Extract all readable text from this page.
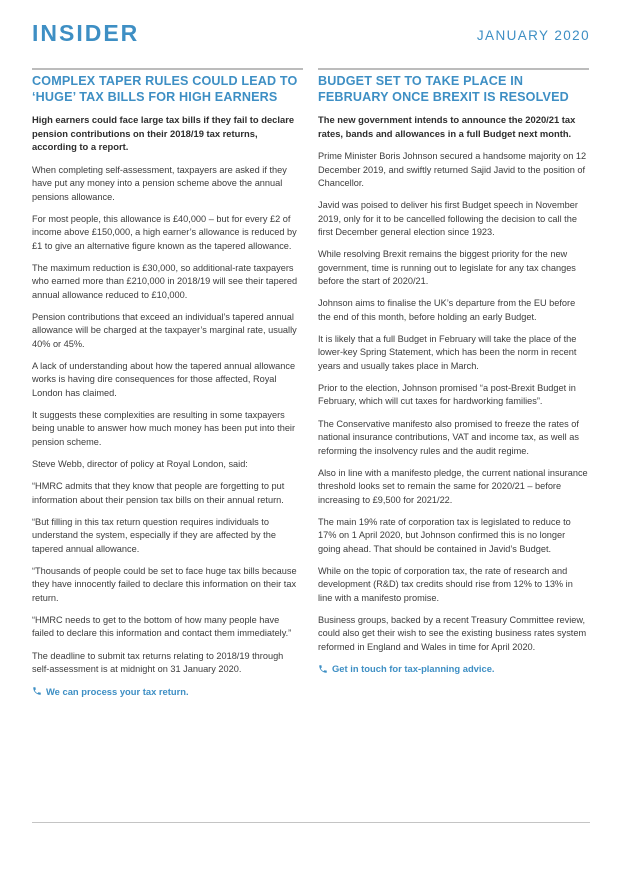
INSIDER	JANUARY 2020
COMPLEX TAPER RULES COULD LEAD TO ‘HUGE’ TAX BILLS FOR HIGH EARNERS

High earners could face large tax bills if they fail to declare pension contributions on their 2018/19 tax returns, according to a report.

When completing self-assessment, taxpayers are asked if they have put any money into a pension scheme above the annual pensions allowance.

For most people, this allowance is £40,000 – but for every £2 of income above £150,000, a high earner’s allowance is reduced by £1 to give an alternative figure known as the tapered allowance.

The maximum reduction is £30,000, so additional-rate taxpayers who earned more than £210,000 in 2018/19 will see their tapered annual allowance reduced to £10,000.

Pension contributions that exceed an individual’s tapered annual allowance will be charged at the taxpayer’s marginal rate, usually 40% or 45%.

A lack of understanding about how the tapered annual allowance works is having dire consequences for those affected, Royal London has claimed.

It suggests these complexities are resulting in some taxpayers being unable to answer how much money has been put into their pension scheme.

Steve Webb, director of policy at Royal London, said:

“HMRC admits that they know that people are forgetting to put information about their pension tax bills on their annual return.

“But filling in this tax return question requires individuals to understand the system, especially if they are affected by the tapered annual allowance.

“Thousands of people could be set to face huge tax bills because they have innocently failed to declare this information on their tax return.

“HMRC needs to get to the bottom of how many people have failed to declare this information and contact them immediately.”

The deadline to submit tax returns relating to 2018/19 through self-assessment is at midnight on 31 January 2020.

We can process your tax return.
BUDGET SET TO TAKE PLACE IN FEBRUARY ONCE BREXIT IS RESOLVED

The new government intends to announce the 2020/21 tax rates, bands and allowances in a full Budget next month.

Prime Minister Boris Johnson secured a handsome majority on 12 December 2019, and swiftly returned Sajid Javid to the position of Chancellor.

Javid was poised to deliver his first Budget speech in November 2019, only for it to be cancelled following the decision to call the first December general election since 1923.

While resolving Brexit remains the biggest priority for the new government, time is running out to legislate for any tax changes before the start of 2020/21.

Johnson aims to finalise the UK’s departure from the EU before the end of this month, before holding an early Budget.

It is likely that a full Budget in February will take the place of the lower-key Spring Statement, which has been the norm in recent years and usually takes place in March.

Prior to the election, Johnson promised “a post-Brexit Budget in February, which will cut taxes for hardworking families”.

The Conservative manifesto also promised to freeze the rates of national insurance contributions, VAT and income tax, as well as reforming the insolvency rules and the audit regime.

Also in line with a manifesto pledge, the current national insurance threshold looks set to remain the same for 2020/21 – before increasing to £9,500 for 2021/22.

The main 19% rate of corporation tax is legislated to reduce to 17% on 1 April 2020, but Johnson confirmed this is no longer going ahead. That should be contained in Javid’s Budget.

While on the topic of corporation tax, the rate of research and development (R&D) tax credits should rise from 12% to 13% in line with a manifesto promise.

Business groups, backed by a recent Treasury Committee review, could also get their wish to see the existing business rates system reformed in England and Wales in time for April 2020.

Get in touch for tax-planning advice.
